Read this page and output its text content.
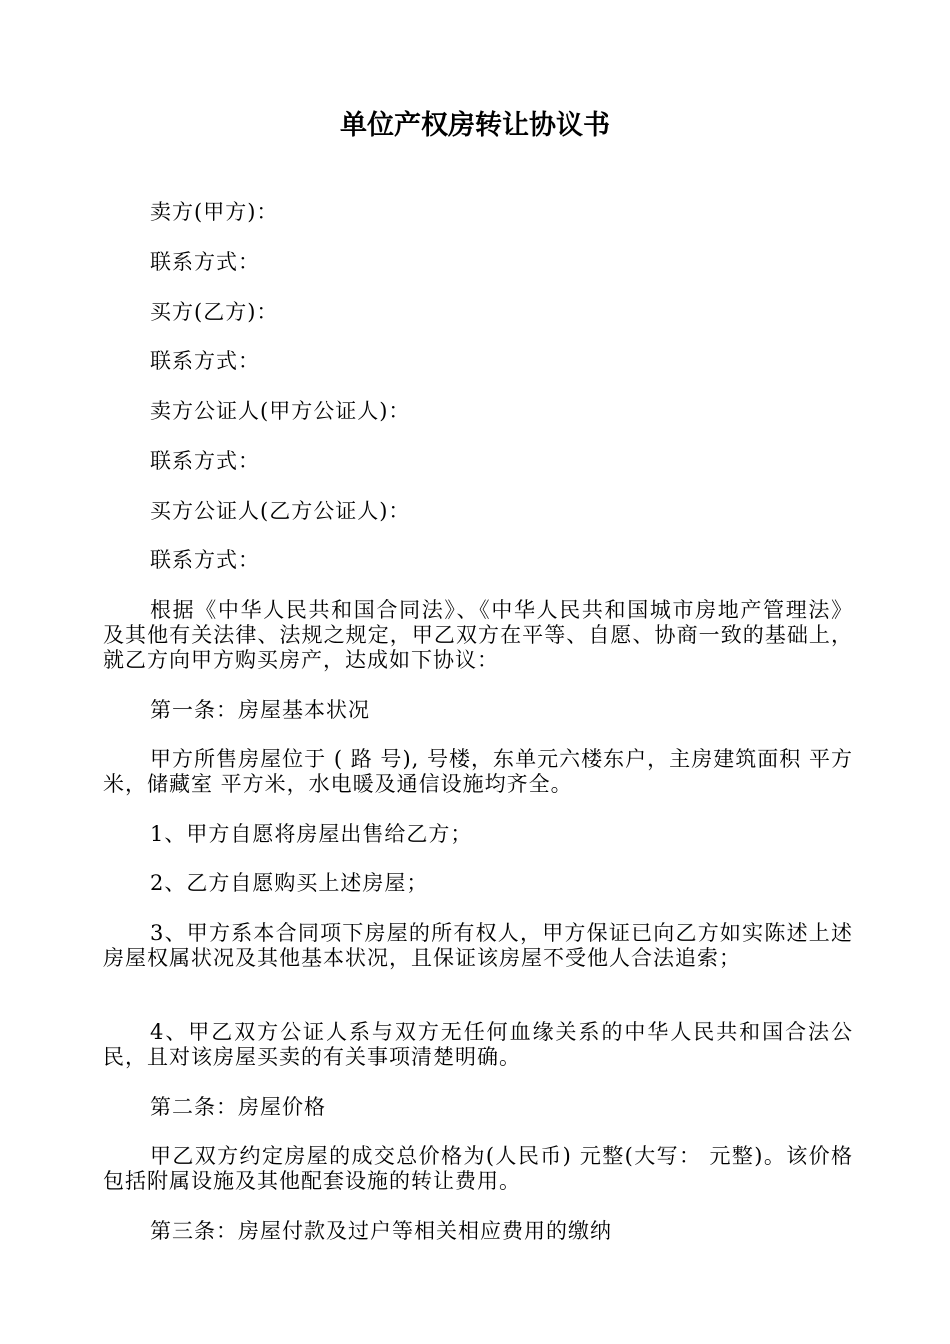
单位产权房转让协议书

卖方(甲方)：

联系方式：

买方(乙方)：

联系方式：

卖方公证人(甲方公证人)：

联系方式：

买方公证人(乙方公证人)：

联系方式：

根据《中华人民共和国合同法》、《中华人民共和国城市房地产管理法》及其他有关法律、法规之规定，甲乙双方在平等、自愿、协商一致的基础上，就乙方向甲方购买房产，达成如下协议：

第一条：房屋基本状况

甲方所售房屋位于 ( 路 号), 号楼，东单元六楼东户，主房建筑面积 平方米，储藏室 平方米，水电暖及通信设施均齐全。

1、甲方自愿将房屋出售给乙方；

2、乙方自愿购买上述房屋；

3、甲方系本合同项下房屋的所有权人，甲方保证已向乙方如实陈述上述房屋权属状况及其他基本状况，且保证该房屋不受他人合法追索；

4、甲乙双方公证人系与双方无任何血缘关系的中华人民共和国合法公民，且对该房屋买卖的有关事项清楚明确。

第二条：房屋价格

甲乙双方约定房屋的成交总价格为(人民币) 元整(大写： 元整)。该价格包括附属设施及其他配套设施的转让费用。

第三条：房屋付款及过户等相关相应费用的缴纳
